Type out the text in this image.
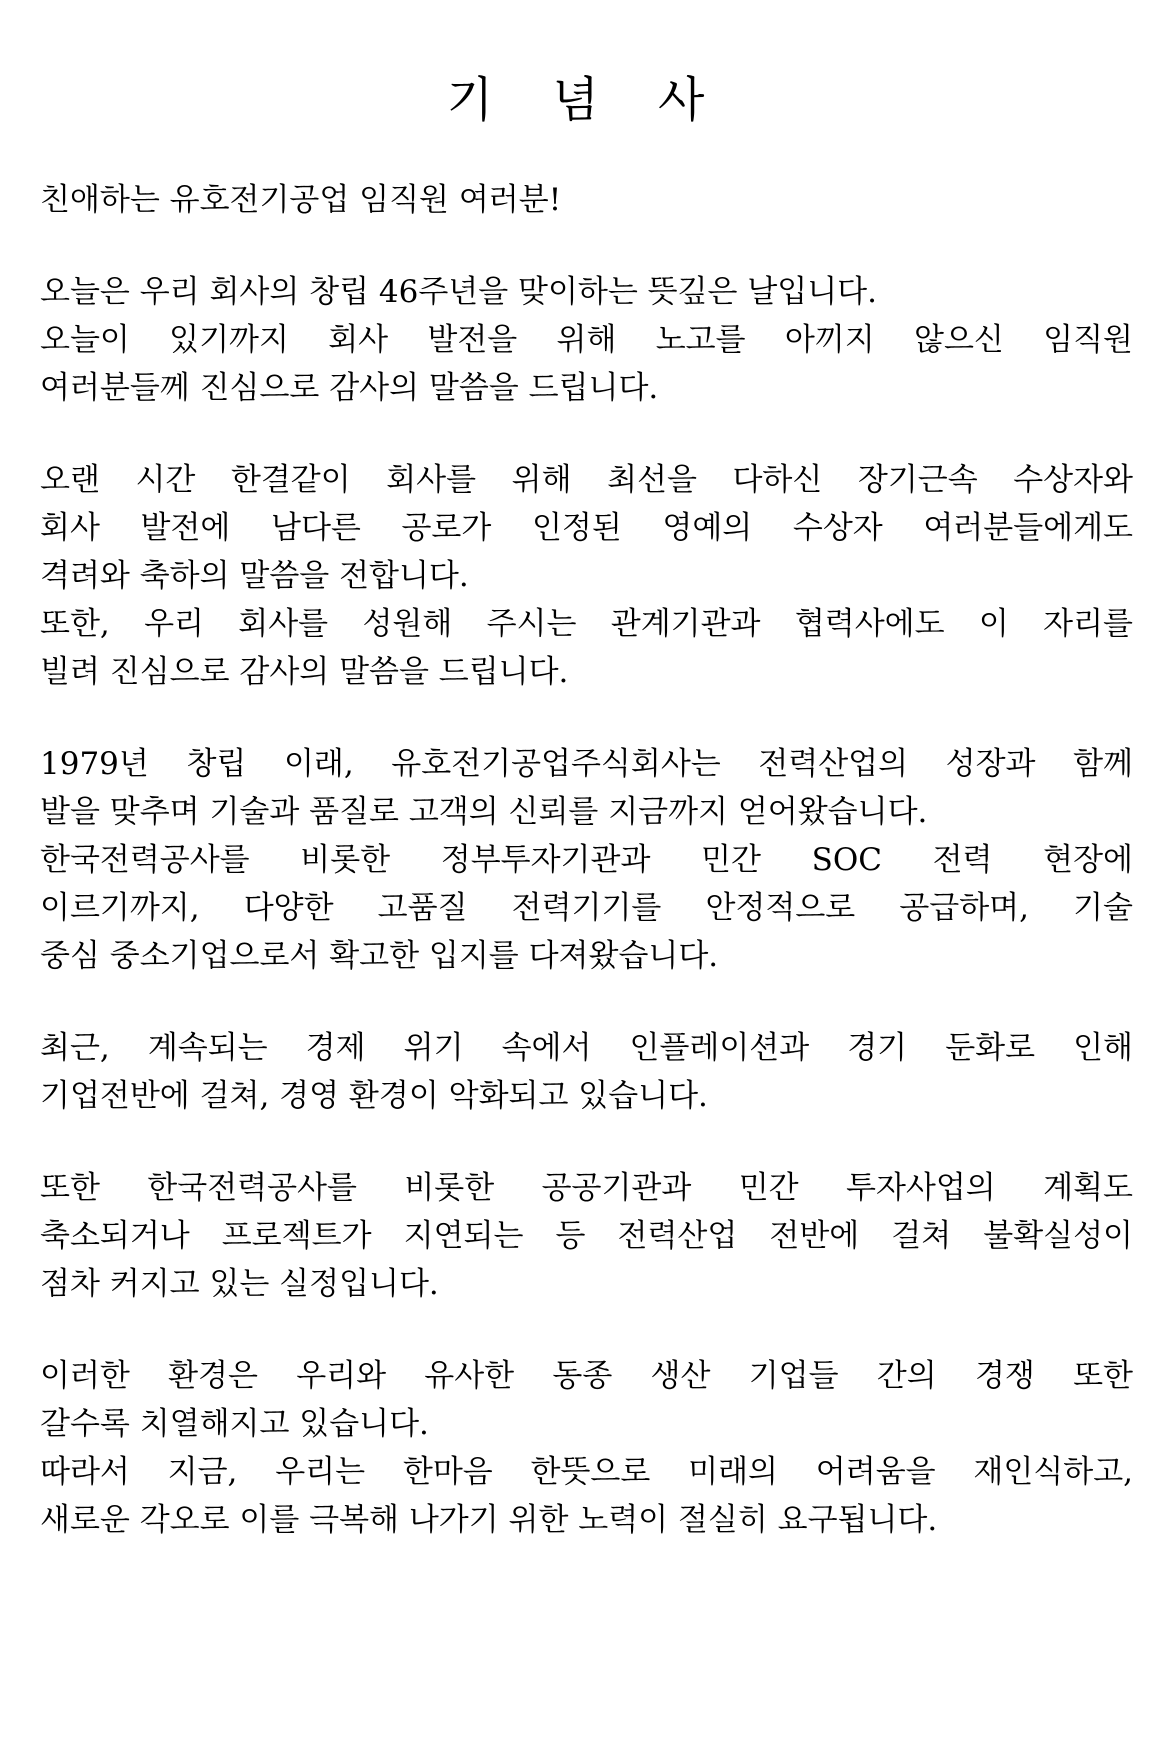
기 념 사
친애하는 유호전기공업 임직원 여러분!
오늘은 우리 회사의 창립 46주년을 맞이하는 뜻깊은 날입니다.
오늘이 있기까지 회사 발전을 위해 노고를 아끼지 않으신 임직원
여러분들께 진심으로 감사의 말씀을 드립니다.
오랜 시간 한결같이 회사를 위해 최선을 다하신 장기근속 수상자와
회사 발전에 남다른 공로가 인정된 영예의 수상자 여러분들에게도
격려와 축하의 말씀을 전합니다.
또한, 우리 회사를 성원해 주시는 관계기관과 협력사에도 이 자리를
빌려 진심으로 감사의 말씀을 드립니다.
1979년 창립 이래, 유호전기공업주식회사는 전력산업의 성장과 함께
발을 맞추며 기술과 품질로 고객의 신뢰를 지금까지 얻어왔습니다.
한국전력공사를 비롯한 정부투자기관과 민간 SOC 전력 현장에
이르기까지, 다양한 고품질 전력기기를 안정적으로 공급하며, 기술
중심 중소기업으로서 확고한 입지를 다져왔습니다.
최근, 계속되는 경제 위기 속에서 인플레이션과 경기 둔화로 인해
기업전반에 걸쳐, 경영 환경이 악화되고 있습니다.
또한 한국전력공사를 비롯한 공공기관과 민간 투자사업의 계획도
축소되거나 프로젝트가 지연되는 등 전력산업 전반에 걸쳐 불확실성이
점차 커지고 있는 실정입니다.
이러한 환경은 우리와 유사한 동종 생산 기업들 간의 경쟁 또한
갈수록 치열해지고 있습니다.
따라서 지금, 우리는 한마음 한뜻으로 미래의 어려움을 재인식하고,
새로운 각오로 이를 극복해 나가기 위한 노력이 절실히 요구됩니다.
